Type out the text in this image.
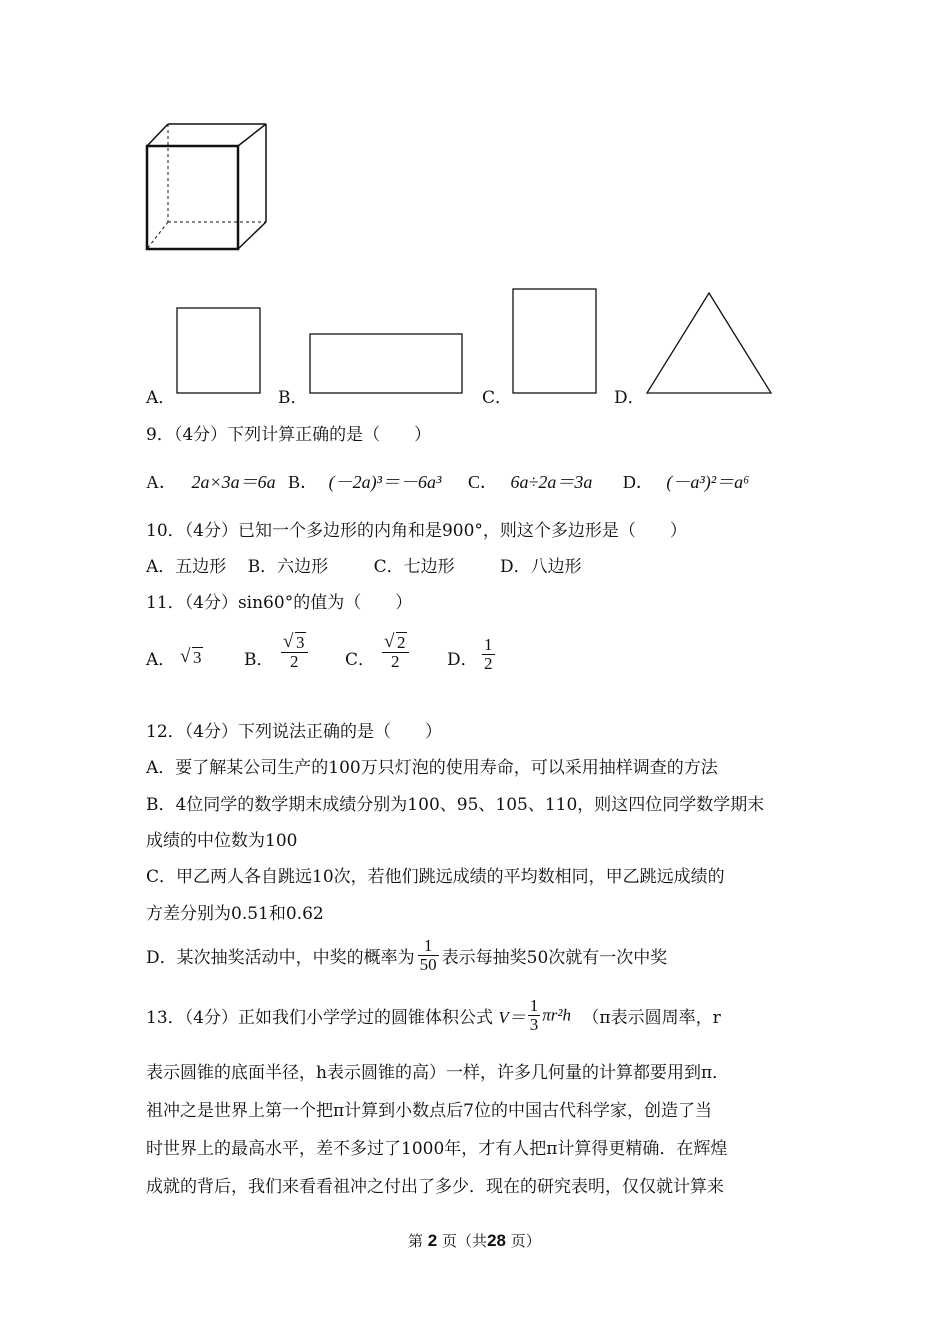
A．	B．	C．	D．
9．（4分）下列计算正确的是（　　）
A． 2a×3a＝6a B． (－2a)³＝－6a³ C． 6a÷2a＝3a D． (－a³)²＝a⁶
10．（4分）已知一个多边形的内角和是900°，则这个多边形是（　　）
A．五边形 B．六边形	C．七边形	D．八边形
11．（4分）sin60°的值为（　　）
A． √ 3	B． $\frac{√ 3}{2}$ C． $\frac{√ 2}{2}$ D． $\frac{1}{2}$
12．（4分）下列说法正确的是（　　）
A．要了解某公司生产的100万只灯泡的使用寿命，可以采用抽样调查的方法
B．4位同学的数学期末成绩分别为100、95、105、110，则这四位同学数学期末
成绩的中位数为100
C．甲乙两人各自跳远10次，若他们跳远成绩的平均数相同，甲乙跳远成绩的
方差分别为0.51和0.62
D．某次抽奖活动中，中奖的概率为 $\frac{1}{50}$ 表示每抽奖50次就有一次中奖
13．（4分）正如我们小学学过的圆锥体积公式 $V= \frac{1}{3} \pi r^2h$ （π表示圆周率，r
表示圆锥的底面半径，h表示圆锥的高）一样，许多几何量的计算都要用到π．
祖冲之是世界上第一个把π计算到小数点后7位的中国古代科学家，创造了当
时世界上的最高水平，差不多过了1000年，才有人把π计算得更精确．在辉煌
成就的背后，我们来看看祖冲之付出了多少．现在的研究表明，仅仅就计算来
第 2 页（共28 页）
